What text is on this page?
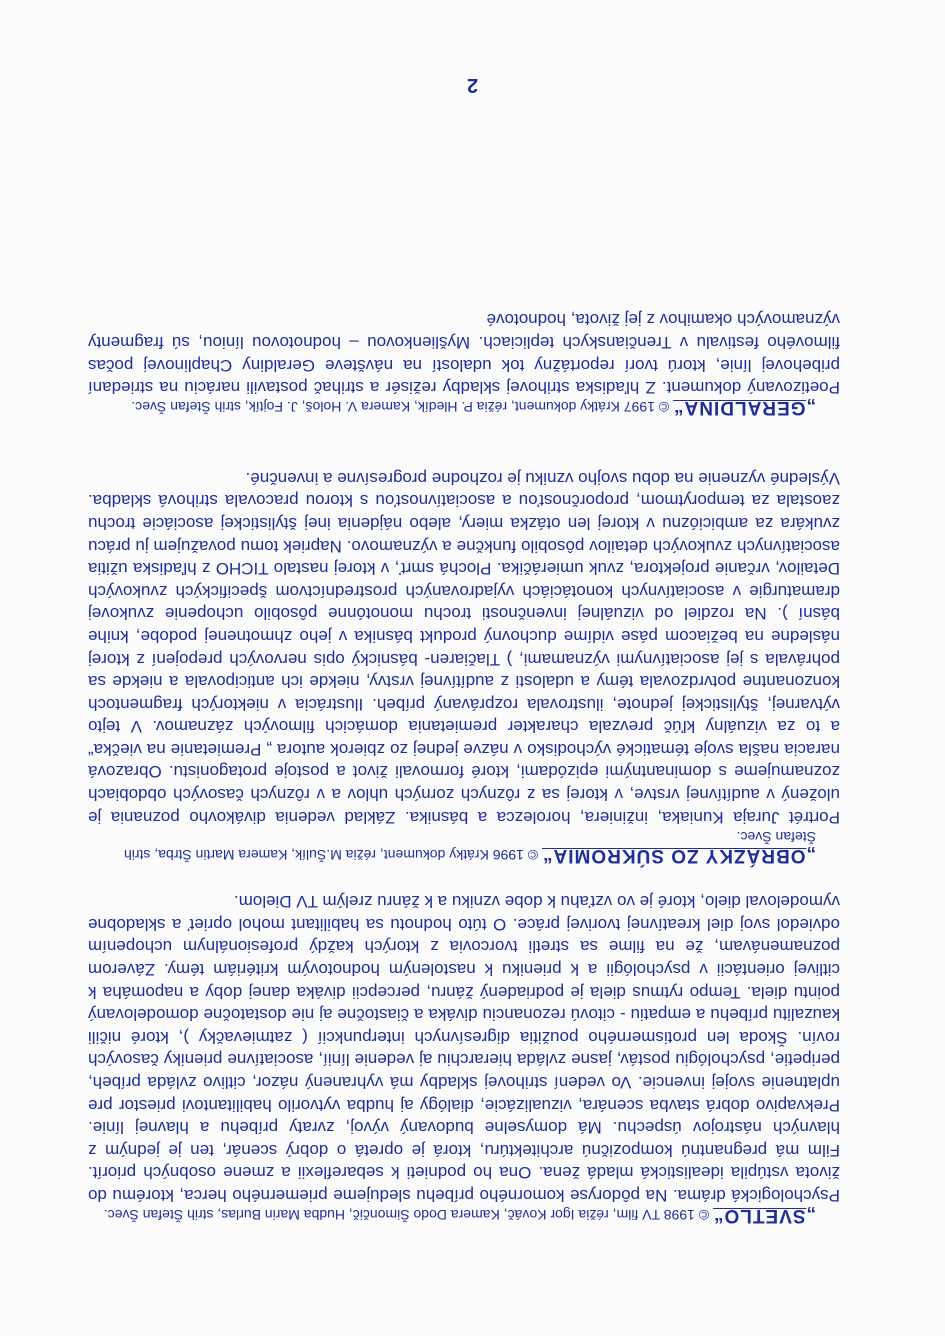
„SVETLO“ © 1998 TV film, réžia Igor Kováč, Kamera Dodo Šimončič, Hudba Marin Burlas, strih Štefan Švec.
Psychologická dráma. Na pôdoryse komorného príbehu sledujeme priemerného herca, ktorému do života vstúpila idealistická mladá žena. Ona ho podnieti k sebareflexii a zmene osobných priorít. Film má pregnantnú kompozičnú architektúru, ktorá je opretá o dobrý scenár, ten je jedným z hlavných nástrojov úspechu. Má domyselne budovaný vývoj, zvraty príbehu a hlavnej línie. Prekvapivo dobrá stavba scenára, vizualizácie, dialógy aj hudba vytvorilo habilitantovi priestor pre uplatnenie svojej invencie. Vo vedení strihovej skladby má vyhranený názor, citlivo zvláda príbeh, peripetie, psychológiu postáv, jasne zvláda hierarchiu aj vedenie línií, asociatívne prieniky časových rovín. Škoda len protismerného použitia digresívnych interpunkcií ( zatmievačky ), ktoré ničili kauzalitu príbehu a empatiu - citovú rezonanciu diváka a čiastočne aj nie dostatočne domodelovaný pointu diela. Tempo rytmus diela je podriadený žánru, percepcii diváka danej doby a napomáha k citlivej orientácii v psychológii a k prieniku k nastoleným hodnotovým kritériám témy. Záverom poznamenávam, že na filme sa stretli tvorcovia z ktorých každý profesionálnym uchopením odviedol svoj diel kreatívnej tvorivej práce. O túto hodnotu sa habilitant mohol oprieť a skladobne vymodeloval dielo, ktoré je vo vzťahu k dobe vzniku a k žánru zrelým TV Dielom.
„OBRÁZKY ZO SÚKROMIA“ © 1996 Krátky dokument, réžia M.Šulík, Kamera Martin Štrba, strih Štefan Švec.
Portrét Juraja Kuniaka, inžiniera, horolezca a básnika. Základ vedenia divákovho poznania je uložený v audítívnej vrstve, v ktorej sa z rôznych zorných uhlov a v rôznych časových obdobiach zoznamujeme s dominantnými epizódami, ktoré formovali život a postoje protagonistu. Obrazová naracia našla svoje tématické východisko v názve jednej zo zbierok autora „ Premietanie na viečka“ a to za vizuálny kľúč prevzala charakter premietania domácich filmových záznamov. V tejto výtvarnej, štylistickej jednote, ilustrovala rozprávaný príbeh. Ilustrácia v niektorých fragmentoch konzonantne potvrdzovala témy a udalosti z audítívnej vrstvy, niekde ich anticipovala a niekde sa pohrávala s jej asociatívnymi významami, ) Tlačiaren- básnický opis nervových prepojení z ktorej následne na bežiacom páse vidíme duchovný produkt básnika v jeho zhmotnenej podobe, knihe básní ). Na rozdiel od vizuálnej invenčnosti trochu monotónne pôsobilo uchopenie zvukovej dramaturgie v asociatívnych konotáciách vyjadrovaných prostredníctvom špecifických zvukových Detailov, vrčanie projektora, zvuk umieráčika. Plochá smrť, v ktorej nastalo TICHO z hľadiska užitia asociatívnych zvukových detailov pôsobilo funkčne a významovo. Napriek tomu považujem ju prácu zvukára za ambicióznu v ktorej len otázka miery, alebo nájdenia inej štylistickej asociácie trochu zaostala za temporytmom, proporčnosťou a asociatívnosťou s ktorou pracovala strihová skladba. Výsledné vyznenie na dobu svojho vzniku je rozhodne progresívne a invenčné.
„GERALDINA“ © 1997 Krátky dokument, réžia P. Hledík, Kamera V. Hološ, J. Fojtík, strih Štefan Švec.
Poetizovaný dokument. Z hľadiska strihovej skladby režisér a strihač postavili naráciu na striedaní pribehovej línie, ktorú tvorí reportážny tok udalostí na návšteve Geraldiny Chaplinovej počas filmového festivalu v Trenčianskych tepliciach. Myšlienkovou – hodnotovou líniou, sú fragmenty významových okamihov z jej života, hodnotové
2
